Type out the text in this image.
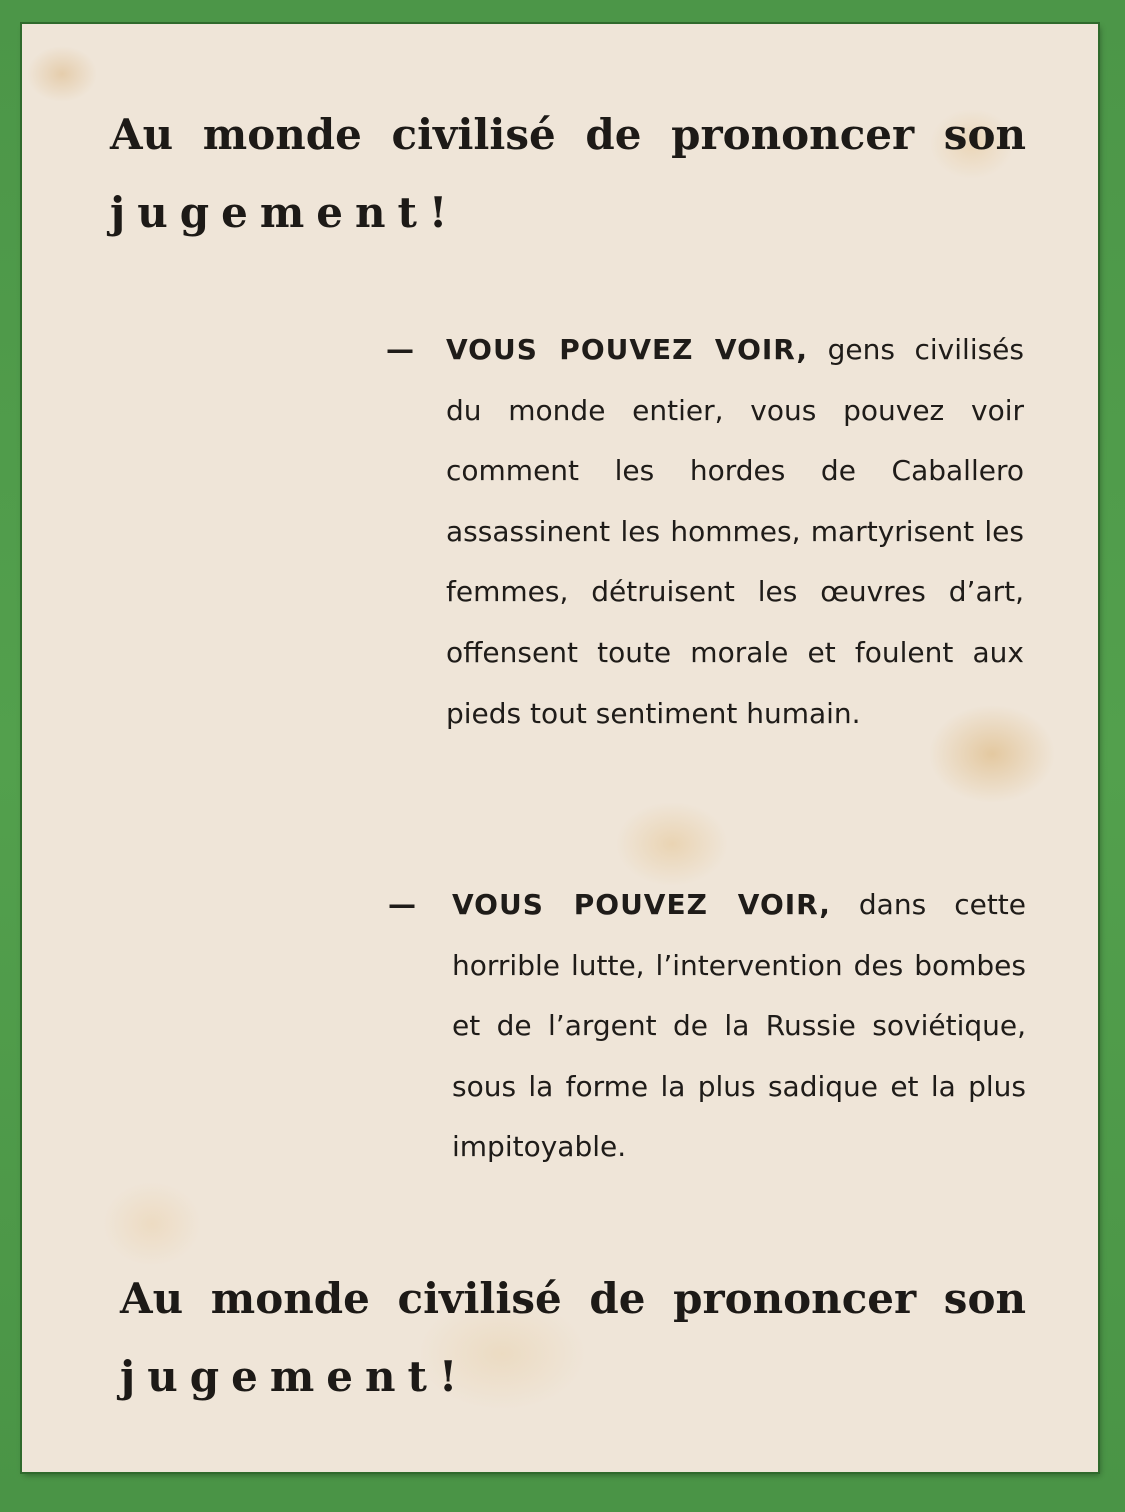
Au monde civilisé de prononcer son
jugement!
— VOUS POUVEZ VOIR, gens civilisés du monde entier, vous pouvez voir comment les hordes de Caballero assassinent les hommes, martyrisent les femmes, détruisent les œuvres d’art, offensent toute morale et foulent aux pieds tout sentiment humain.
— VOUS POUVEZ VOIR, dans cette horrible lutte, l’intervention des bombes et de l’argent de la Russie soviétique, sous la forme la plus sadique et la plus impitoyable.
Au monde civilisé de prononcer son
jugement!
